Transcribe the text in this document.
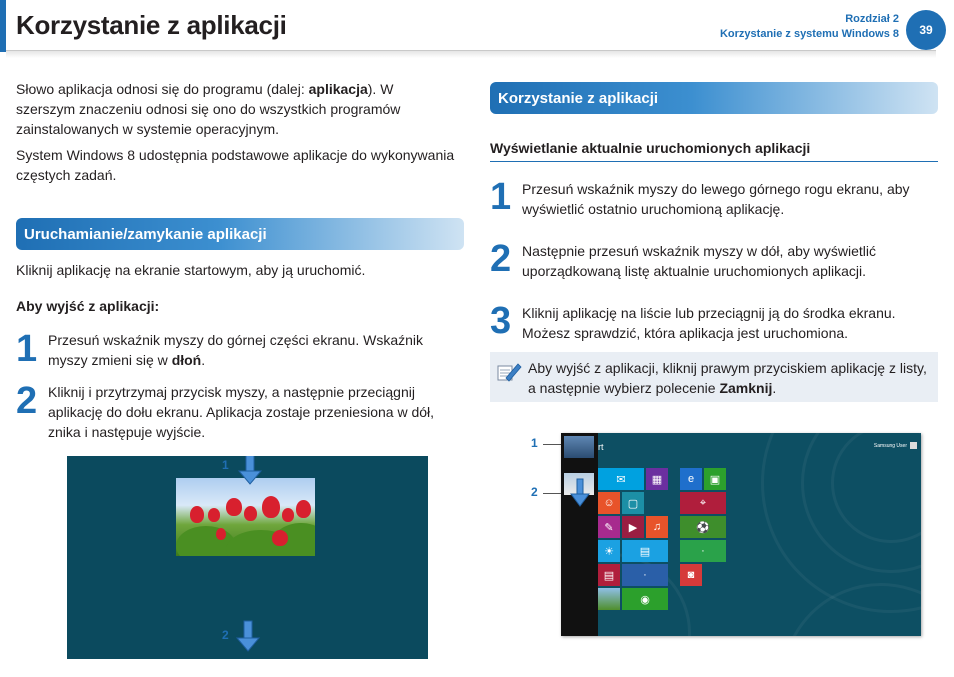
Korzystanie z aplikacji	Rozdział 2
Korzystanie z systemu Windows 8	39
Słowo aplikacja odnosi się do programu (dalej: aplikacja). W szerszym znaczeniu odnosi się ono do wszystkich programów zainstalowanych w systemie operacyjnym.
System Windows 8 udostępnia podstawowe aplikacje do wykonywania częstych zadań.
Uruchamianie/zamykanie aplikacji
Kliknij aplikację na ekranie startowym, aby ją uruchomić.
Aby wyjść z aplikacji:
1 Przesuń wskaźnik myszy do górnej części ekranu. Wskaźnik myszy zmieni się w dłoń.
2 Kliknij i przytrzymaj przycisk myszy, a następnie przeciągnij aplikację do dołu ekranu. Aplikacja zostaje przeniesiona w dół, znika i następuje wyjście.
1
2
Korzystanie z aplikacji
Wyświetlanie aktualnie uruchomionych aplikacji
1 Przesuń wskaźnik myszy do lewego górnego rogu ekranu, aby wyświetlić ostatnio uruchomioną aplikację.
2 Następnie przesuń wskaźnik myszy w dół, aby wyświetlić uporządkowaną listę aktualnie uruchomionych aplikacji.
3 Kliknij aplikację na liście lub przeciągnij ją do środka ekranu. Możesz sprawdzić, która aplikacja jest uruchomiona.
Aby wyjść z aplikacji, kliknij prawym przyciskiem aplikację z listy, a następnie wybierz polecenie Zamknij.
1
2
rt	Samsung User
✉	▦	e	▣
☺	▢	⌖
✎	▶	♫	⚽
☀	▤	·
▤	·	◙
◉
